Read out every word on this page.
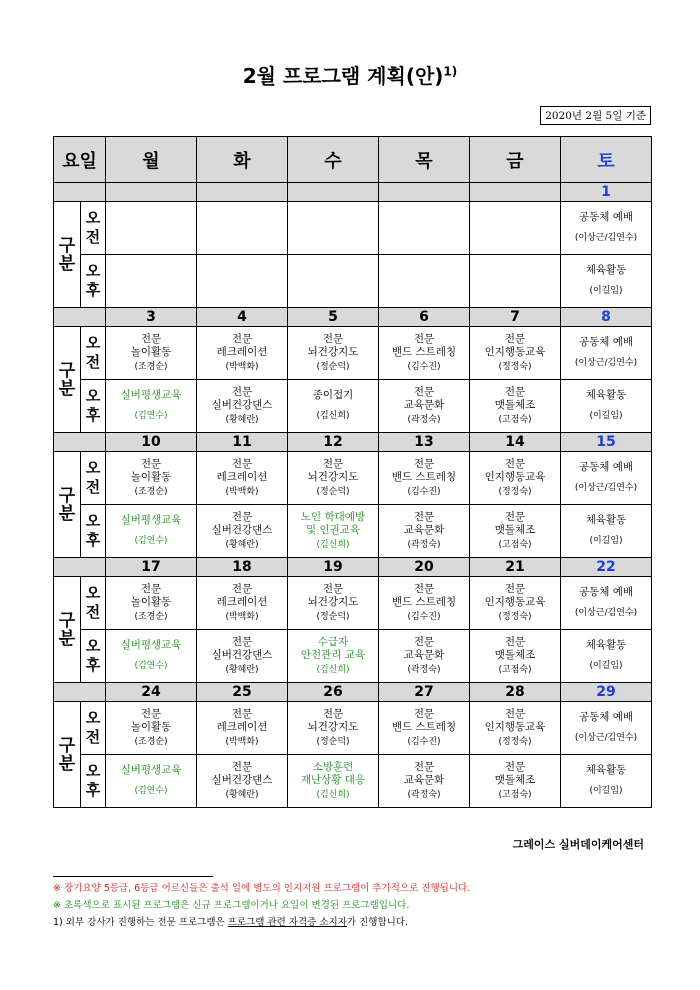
2월 프로그램 계획(안)$^{1)}$
2020년 2월 5일 기준
요일		월	화	수	목	금	토
							1
구
분	오
전						공동체 예배
(이상근/김연수)

	오
후						체육활동
(이길임)

		3	4	5	6	7	8
구
분	오
전	전문
놀이활동
(조경순)	전문
레크레이션
(박백화)	전문
뇌건강지도
(정순덕)	전문
밴드 스트레칭
(김수진)	전문
인지행동교육
(정정숙)	공동체 예배
(이상근/김연수)

	오
후	실버평생교육
(김연수)	전문
실버건강댄스
(황혜란)	종이접기
(김신희)	전문
교육문화
(곽정숙)	전문
맷돌체조
(고점숙)	체육활동
(이길임)

		10	11	12	13	14	15
구
분	오
전	전문
놀이활동
(조경순)	전문
레크레이션
(박백화)	전문
뇌건강지도
(정순덕)	전문
밴드 스트레칭
(김수진)	전문
인지행동교육
(정정숙)	공동체 예배
(이상근/김연수)

	오
후	실버평생교육
(김연수)	전문
실버건강댄스
(황혜란)	노인 학대예방
및 인권교육
(김신희)	전문
교육문화
(곽정숙)	전문
맷돌체조
(고점숙)	체육활동
(이길임)

		17	18	19	20	21	22
구
분	오
전	전문
놀이활동
(조경순)	전문
레크레이션
(박백화)	전문
뇌건강지도
(정순덕)	전문
밴드 스트레칭
(김수진)	전문
인지행동교육
(정정숙)	공동체 예배
(이상근/김연수)

	오
후	실버평생교육
(김연수)	전문
실버건강댄스
(황혜란)	수급자
안전관리 교육
(김신희)	전문
교육문화
(곽정숙)	전문
맷돌체조
(고점숙)	체육활동
(이길임)

		24	25	26	27	28	29
구
분	오
전	전문
놀이활동
(조경순)	전문
레크레이션
(박백화)	전문
뇌건강지도
(정순덕)	전문
밴드 스트레칭
(김수진)	전문
인지행동교육
(정정숙)	공동체 예배
(이상근/김연수)

	오
후	실버평생교육
(김연수)	전문
실버건강댄스
(황혜란)	소방훈련
재난상황 대응
(김신희)	전문
교육문화
(곽정숙)	전문
맷돌체조
(고점숙)	체육활동
(이길임)
그레이스 실버데이케어센터
※ 장기요양 5등급, 6등급 어르신들은 출석 일에 별도의 인지지원 프로그램이 추가적으로 진행됩니다.
※ 초록색으로 표시된 프로그램은 신규 프로그램이거나 요일이 변경된 프로그램입니다.
1) 외부 강사가 진행하는 전문 프로그램은 프로그램 관련 자격증 소지자가 진행합니다.
